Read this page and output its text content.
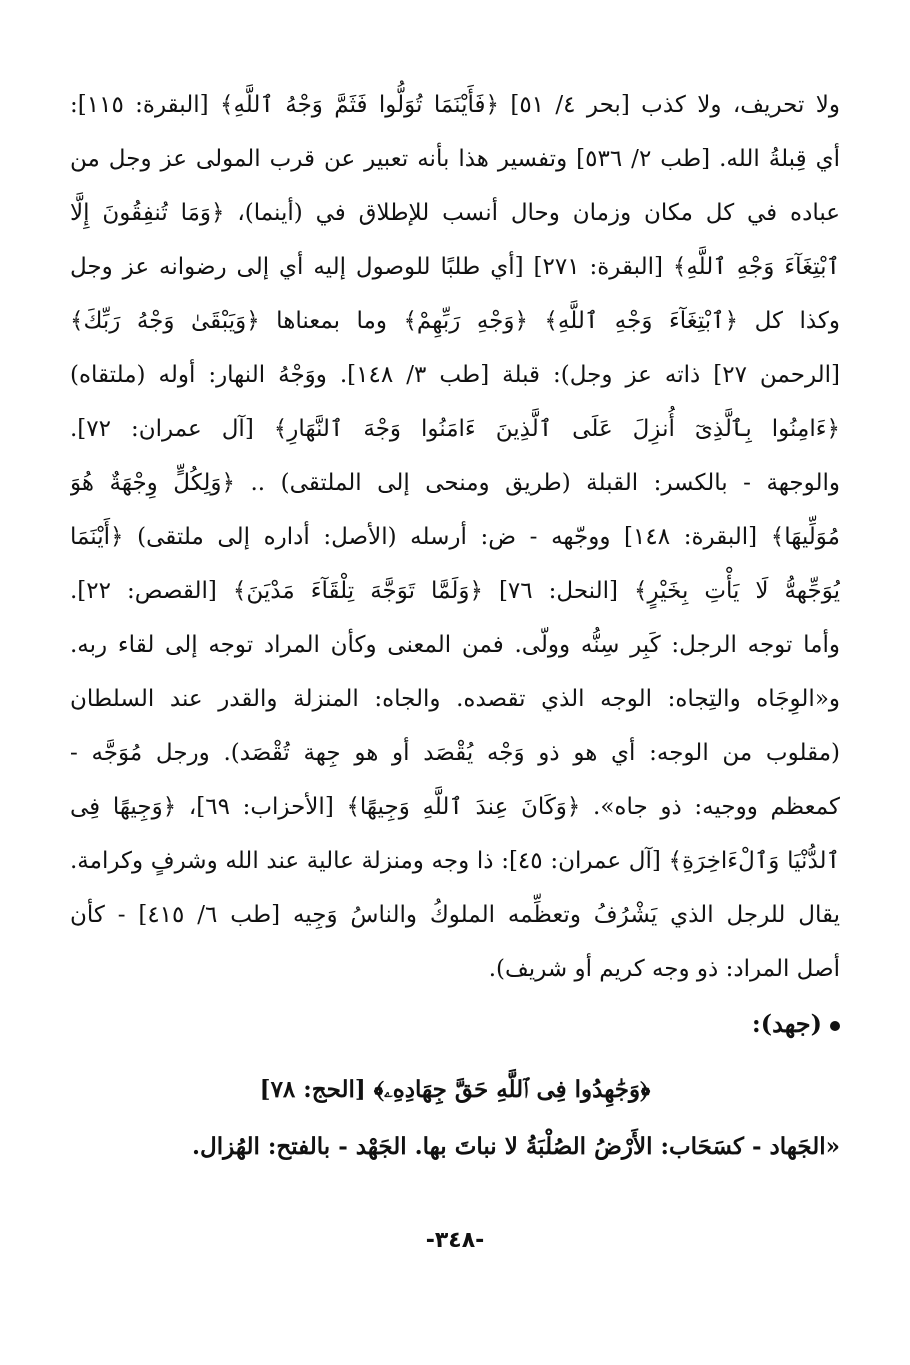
ولا تحريف، ولا كذب [بحر ٤/ ٥١] ﴿فَأَيْنَمَا تُوَلُّوا فَثَمَّ وَجْهُ ٱللَّهِ﴾ [البقرة: ١١٥]:
أي قِبلةُ الله. [طب ٢/ ٥٣٦] وتفسير هذا بأنه تعبير عن قرب المولى عز وجل من
عباده في كل مكان وزمان وحال أنسب للإطلاق في (أينما)، ﴿وَمَا تُنفِقُونَ إِلَّا
ٱبْتِغَآءَ وَجْهِ ٱللَّهِ﴾ [البقرة: ٢٧١] [أي طلبًا للوصول إليه أي إلى رضوانه عز وجل
وكذا كل ﴿ٱبْتِغَآءَ وَجْهِ ٱللَّهِ﴾ ﴿وَجْهِ رَبِّهِمْ﴾ وما بمعناها ﴿وَيَبْقَىٰ وَجْهُ رَبِّكَ﴾
[الرحمن ٢٧] ذاته عز وجل): قبلة [طب ٣/ ١٤٨]. ووَجْهُ النهار: أوله (ملتقاه)
﴿ءَامِنُوا بِٱلَّذِىٓ أُنزِلَ عَلَى ٱلَّذِينَ ءَامَنُوا وَجْهَ ٱلنَّهَارِ﴾ [آل عمران: ٧٢].
والوجهة - بالكسر: القبلة (طريق ومنحى إلى الملتقى) .. ﴿وَلِكُلٍّ وِجْهَةٌ هُوَ
مُوَلِّيهَا﴾ [البقرة: ١٤٨] ووجّهه - ض: أرسله (الأصل: أداره إلى ملتقى) ﴿أَيْنَمَا
يُوَجِّههُّ لَا يَأْتِ بِخَيْرٍ﴾ [النحل: ٧٦] ﴿وَلَمَّا تَوَجَّهَ تِلْقَآءَ مَدْيَنَ﴾ [القصص: ٢٢].
وأما توجه الرجل: كَبِر سِنُّه وولّى. فمن المعنى وكأن المراد توجه إلى لقاء ربه.
و«الوِجَاه والتِجاه: الوجه الذي تقصده. والجاه: المنزلة والقدر عند السلطان
(مقلوب من الوجه: أي هو ذو وَجْه يُقْصَد أو هو جِهة تُقْصَد). ورجل مُوَجَّه -
كمعظم ووجيه: ذو جاه». ﴿وَكَانَ عِندَ ٱللَّهِ وَجِيهًا﴾ [الأحزاب: ٦٩]، ﴿وَجِيهًا فِى
ٱلدُّنْيَا وَٱلْءَاخِرَةِ﴾ [آل عمران: ٤٥]: ذا وجه ومنزلة عالية عند الله وشرفٍ وكرامة.
يقال للرجل الذي يَشْرُفُ وتعظِّمه الملوكُ والناسُ وَجِيه [طب ٦/ ٤١٥] - كأن
أصل المراد: ذو وجه كريم أو شريف).
(جهد):
﴿وَجَٰهِدُوا فِى ٱللَّهِ حَقَّ جِهَادِهِۦ﴾ [الحج: ٧٨]
«الجَهاد - كسَحَاب: الأَرْضُ الصُلْبَةُ لا نباتَ بها. الجَهْد - بالفتح: الهُزال.
-٣٤٨-
